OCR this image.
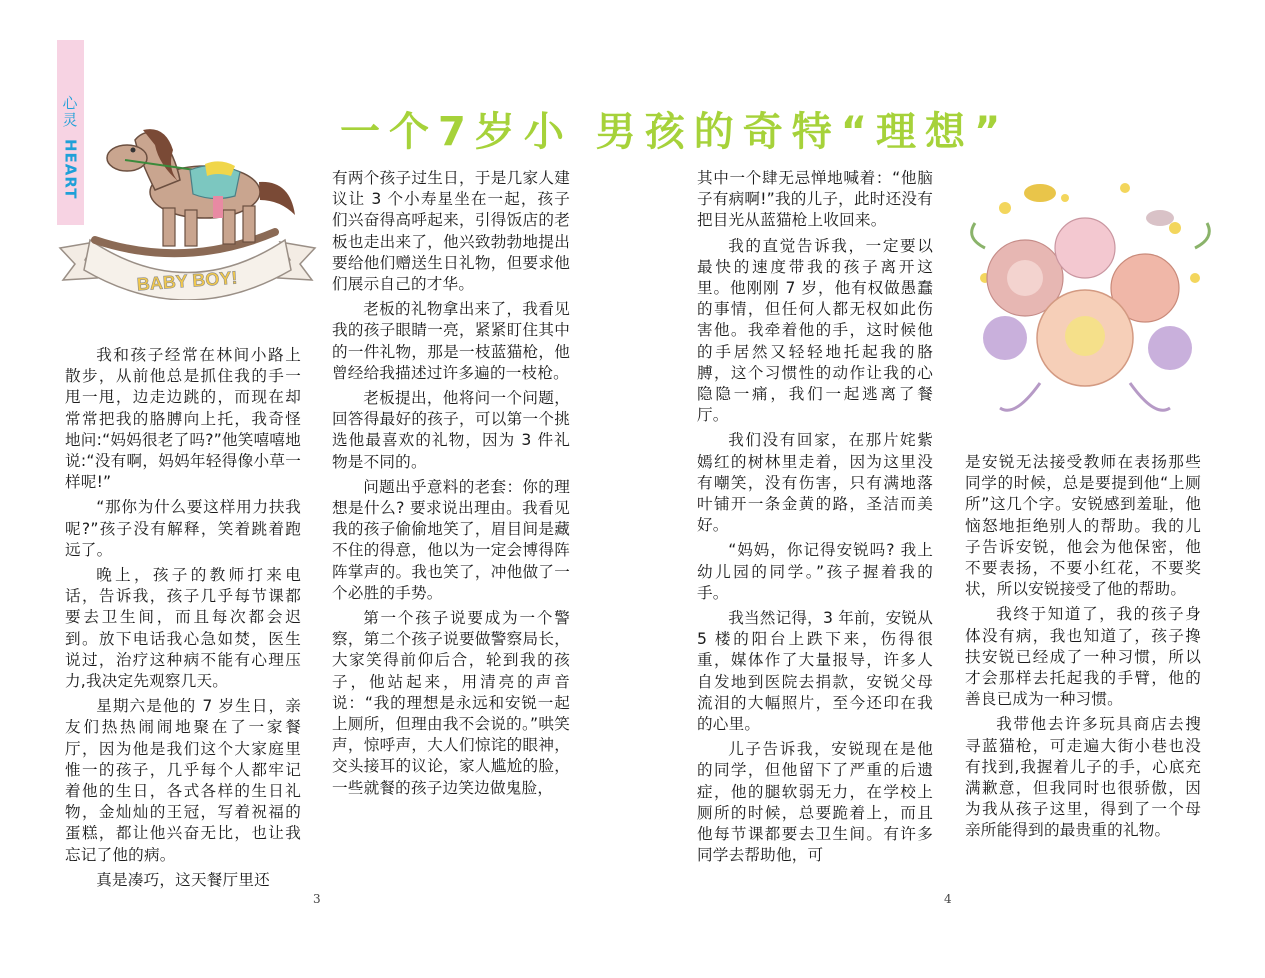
心灵
HEART
BABY BOY!
一个7岁小 男孩的奇特“理想”

我和孩子经常在林间小路上散步，从前他总是抓住我的手一甩一甩，边走边跳的，而现在却常常把我的胳膊向上托，我奇怪地问:“妈妈很老了吗?”他笑嘻嘻地说:“没有啊，妈妈年轻得像小草一样呢!”

“那你为什么要这样用力扶我呢?”孩子没有解释，笑着跳着跑远了。

晚上，孩子的教师打来电话，告诉我，孩子几乎每节课都要去卫生间，而且每次都会迟到。放下电话我心急如焚，医生说过，治疗这种病不能有心理压力,我决定先观察几天。

星期六是他的 7 岁生日，亲友们热热闹闹地聚在了一家餐厅，因为他是我们这个大家庭里惟一的孩子，几乎每个人都牢记着他的生日，各式各样的生日礼物，金灿灿的王冠，写着祝福的蛋糕，都让他兴奋无比，也让我忘记了他的病。

真是凑巧，这天餐厅里还

有两个孩子过生日，于是几家人建议让 3 个小寿星坐在一起，孩子们兴奋得高呼起来，引得饭店的老板也走出来了，他兴致勃勃地提出要给他们赠送生日礼物，但要求他们展示自己的才华。

老板的礼物拿出来了，我看见我的孩子眼睛一亮，紧紧盯住其中的一件礼物，那是一枝蓝猫枪，他曾经给我描述过许多遍的一枝枪。

老板提出，他将问一个问题，回答得最好的孩子，可以第一个挑选他最喜欢的礼物，因为 3 件礼物是不同的。

问题出乎意料的老套：你的理想是什么? 要求说出理由。我看见我的孩子偷偷地笑了，眉目间是藏不住的得意，他以为一定会博得阵阵掌声的。我也笑了，冲他做了一个必胜的手势。

第一个孩子说要成为一个警察，第二个孩子说要做警察局长，大家笑得前仰后合，轮到我的孩子，他站起来，用清亮的声音说：“我的理想是永远和安锐一起上厕所，但理由我不会说的。”哄笑声，惊呼声，大人们惊诧的眼神，交头接耳的议论，家人尴尬的脸，一些就餐的孩子边笑边做鬼脸，

其中一个肆无忌惮地喊着：“他脑子有病啊!”我的儿子，此时还没有把目光从蓝猫枪上收回来。

我的直觉告诉我，一定要以最快的速度带我的孩子离开这里。他刚刚 7 岁，他有权做愚蠢的事情，但任何人都无权如此伤害他。我牵着他的手，这时候他的手居然又轻轻地托起我的胳膊，这个习惯性的动作让我的心隐隐一痛，我们一起逃离了餐厅。

我们没有回家，在那片姹紫嫣红的树林里走着，因为这里没有嘲笑，没有伤害，只有满地落叶铺开一条金黄的路，圣洁而美好。

“妈妈，你记得安锐吗? 我上幼儿园的同学。”孩子握着我的手。

我当然记得，3 年前，安锐从 5 楼的阳台上跌下来，伤得很重，媒体作了大量报导，许多人自发地到医院去捐款，安锐父母流泪的大幅照片，至今还印在我的心里。

儿子告诉我，安锐现在是他的同学，但他留下了严重的后遗症，他的腿软弱无力，在学校上厕所的时候，总要跪着上，而且他每节课都要去卫生间。有许多同学去帮助他，可

是安锐无法接受教师在表扬那些同学的时候，总是要提到他“上厕所”这几个字。安锐感到羞耻，他恼怒地拒绝别人的帮助。我的儿子告诉安锐，他会为他保密，他不要表扬，不要小红花，不要奖状，所以安锐接受了他的帮助。

我终于知道了，我的孩子身体没有病，我也知道了，孩子搀扶安锐已经成了一种习惯，所以才会那样去托起我的手臂，他的善良已成为一种习惯。

我带他去许多玩具商店去搜寻蓝猫枪，可走遍大街小巷也没有找到,我握着儿子的手，心底充满歉意，但我同时也很骄傲，因为我从孩子这里，得到了一个母亲所能得到的最贵重的礼物。

3	4
